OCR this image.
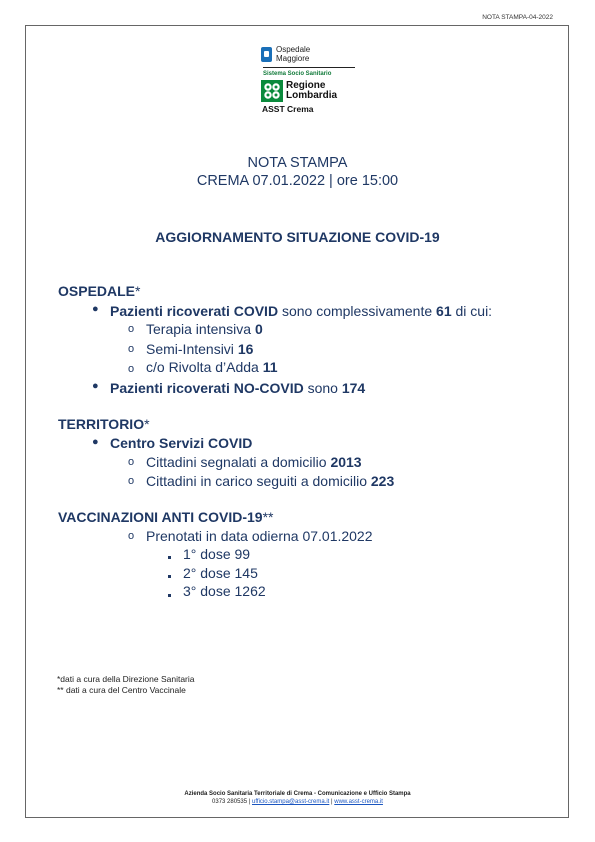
NOTA STAMPA-04-2022
Ospedale
Maggiore
Sistema Socio Sanitario
Regione
Lombardia
ASST Crema
NOTA STAMPA
CREMA 07.01.2022 | ore 15:00
AGGIORNAMENTO SITUAZIONE COVID-19
OSPEDALE*
● Pazienti ricoverati COVID sono complessivamente 61 di cui:
o Terapia intensiva 0
o Semi-Intensivi 16
o c/o Rivolta d’Adda 11
● Pazienti ricoverati NO-COVID sono 174
TERRITORIO*
● Centro Servizi COVID
o Cittadini segnalati a domicilio 2013
o Cittadini in carico seguiti a domicilio 223
VACCINAZIONI ANTI COVID-19**
o Prenotati in data odierna 07.01.2022
1° dose 99
2° dose 145
3° dose 1262
*dati a cura della Direzione Sanitaria
** dati a cura del Centro Vaccinale
Azienda Socio Sanitaria Territoriale di Crema - Comunicazione e Ufficio Stampa
0373 280535 | ufficio.stampa@asst-crema.it | www.asst-crema.it
